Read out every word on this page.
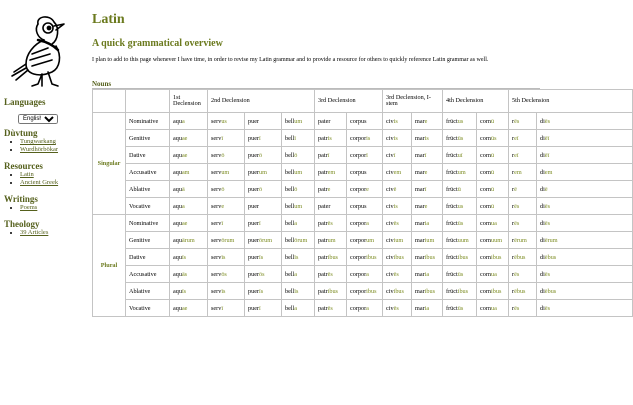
Languages
English
Dùvtung
• Tungwarkang
• Wurdhörbökar
Resources
• Latin
• Ancient Greek
Writings
• Poems
Theology
• 39 Articles
Latin
A quick grammatical overview
I plan to add to this page whenever I have time, in order to revise my Latin grammar and to provide a resource for others to quickly reference Latin grammar as well.
Nouns
		1st Declension	2nd Declension			3rd Declension		3rd Declension, I-stem		4th Declension		5th Declension	
Singular	Nominative	aqua	servus	puer	bellum	pater	corpus	civis	mare	frūctus	cornū	rēs	diēs
	Genitive	aquae	servī	puerī	bellī	patris	corporis	civis	maris	frūctūs	cornūs	reī	diēī
	Dative	aquae	servō	puerō	bellō	patrī	corporī	civī	marī	frūctuī	cornū	reī	diēī
	Accusative	aquam	servum	puerum	bellum	patrem	corpus	civem	mare	frūctum	cornū	rem	diem
	Ablative	aquā	servō	puerō	bellō	patre	corpore	civē	marī	frūctū	cornū	rē	diē
	Vocative	aqua	serve	puer	bellum	pater	corpus	civis	mare	frūctus	cornū	rēs	diēs
Plural	Nominative	aquae	servī	puerī	bella	patrēs	corpora	civēs	maria	frūctūs	cornua	rēs	diēs
	Genitive	aquārum	servōrum	puerōrum	bellōrum	patrum	corporum	civium	marium	frūctuum	cornuum	rērum	diērum
	Dative	aquīs	servīs	puerīs	bellīs	patribus	corporibus	civibus	maribus	frūctibus	cornibus	rēbus	diēbus
	Accusative	aquās	servōs	puerōs	bella	patrēs	corpora	civēs	maria	frūctūs	cornua	rēs	diēs
	Ablative	aquīs	servīs	puerīs	bellīs	patribus	corporibus	civibus	maribus	frūctibus	cornibus	rēbus	diēbus
	Vocative	aquae	servī	puerī	bella	patrēs	corpora	civēs	maria	frūctūs	cornua	rēs	diēs
